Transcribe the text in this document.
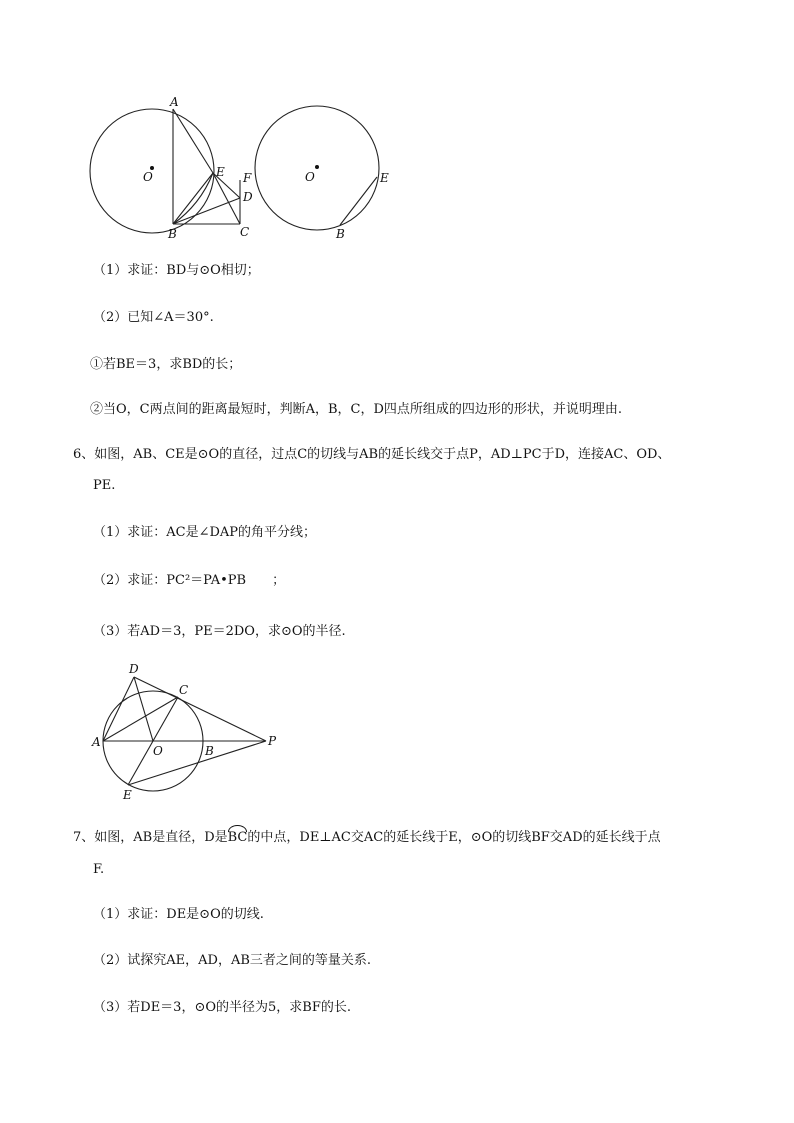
A
O	E F
D
B	C
O	E
B
（1）求证：BD与⊙O相切；
（2）已知∠A＝30°.
①若BE＝3，求BD的长；
②当O，C两点间的距离最短时，判断A，B，C，D四点所组成的四边形的形状，并说明理由.
6、如图，AB、CE是⊙O的直径，过点C的切线与AB的延长线交于点P，AD⊥PC于D，连接AC、OD、
PE.
（1）求证：AC是∠DAP的角平分线；
（2）求证：PC²＝PA•PB　　；
（3）若AD＝3，PE＝2DO，求⊙O的半径.
D
C
A
O	B
P
E
7、如图，AB是直径，D是BC的中点，DE⊥AC交AC的延长线于E，⊙O的切线BF交AD的延长线于点
F.
（1）求证：DE是⊙O的切线.
（2）试探究AE，AD，AB三者之间的等量关系.
（3）若DE＝3，⊙O的半径为5，求BF的长.
